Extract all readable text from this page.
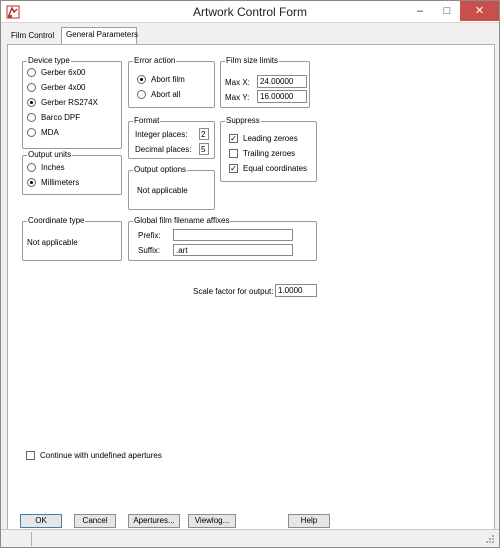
Artwork Control Form	–	□	✕
Film Control	General Parameters
Device type
Gerber 6x00
Gerber 4x00
Gerber RS274X
Barco DPF
MDA
Error action
Abort film
Abort all
Film size limits
Max X:	24.00000
Max Y:	16.00000
Format
Integer places: 2
Decimal places: 5
Suppress
✓ Leading zeroes
Trailing zeroes
✓ Equal coordinates
Output units
Inches
Millimeters
Output options
Not applicable
Coordinate type
Not applicable
Global film filename affixes
Prefix:
Suffix:	.art
Scale factor for output: 1.0000
Continue with undefined apertures
OK	Cancel	Apertures...	Viewlog...	Help
